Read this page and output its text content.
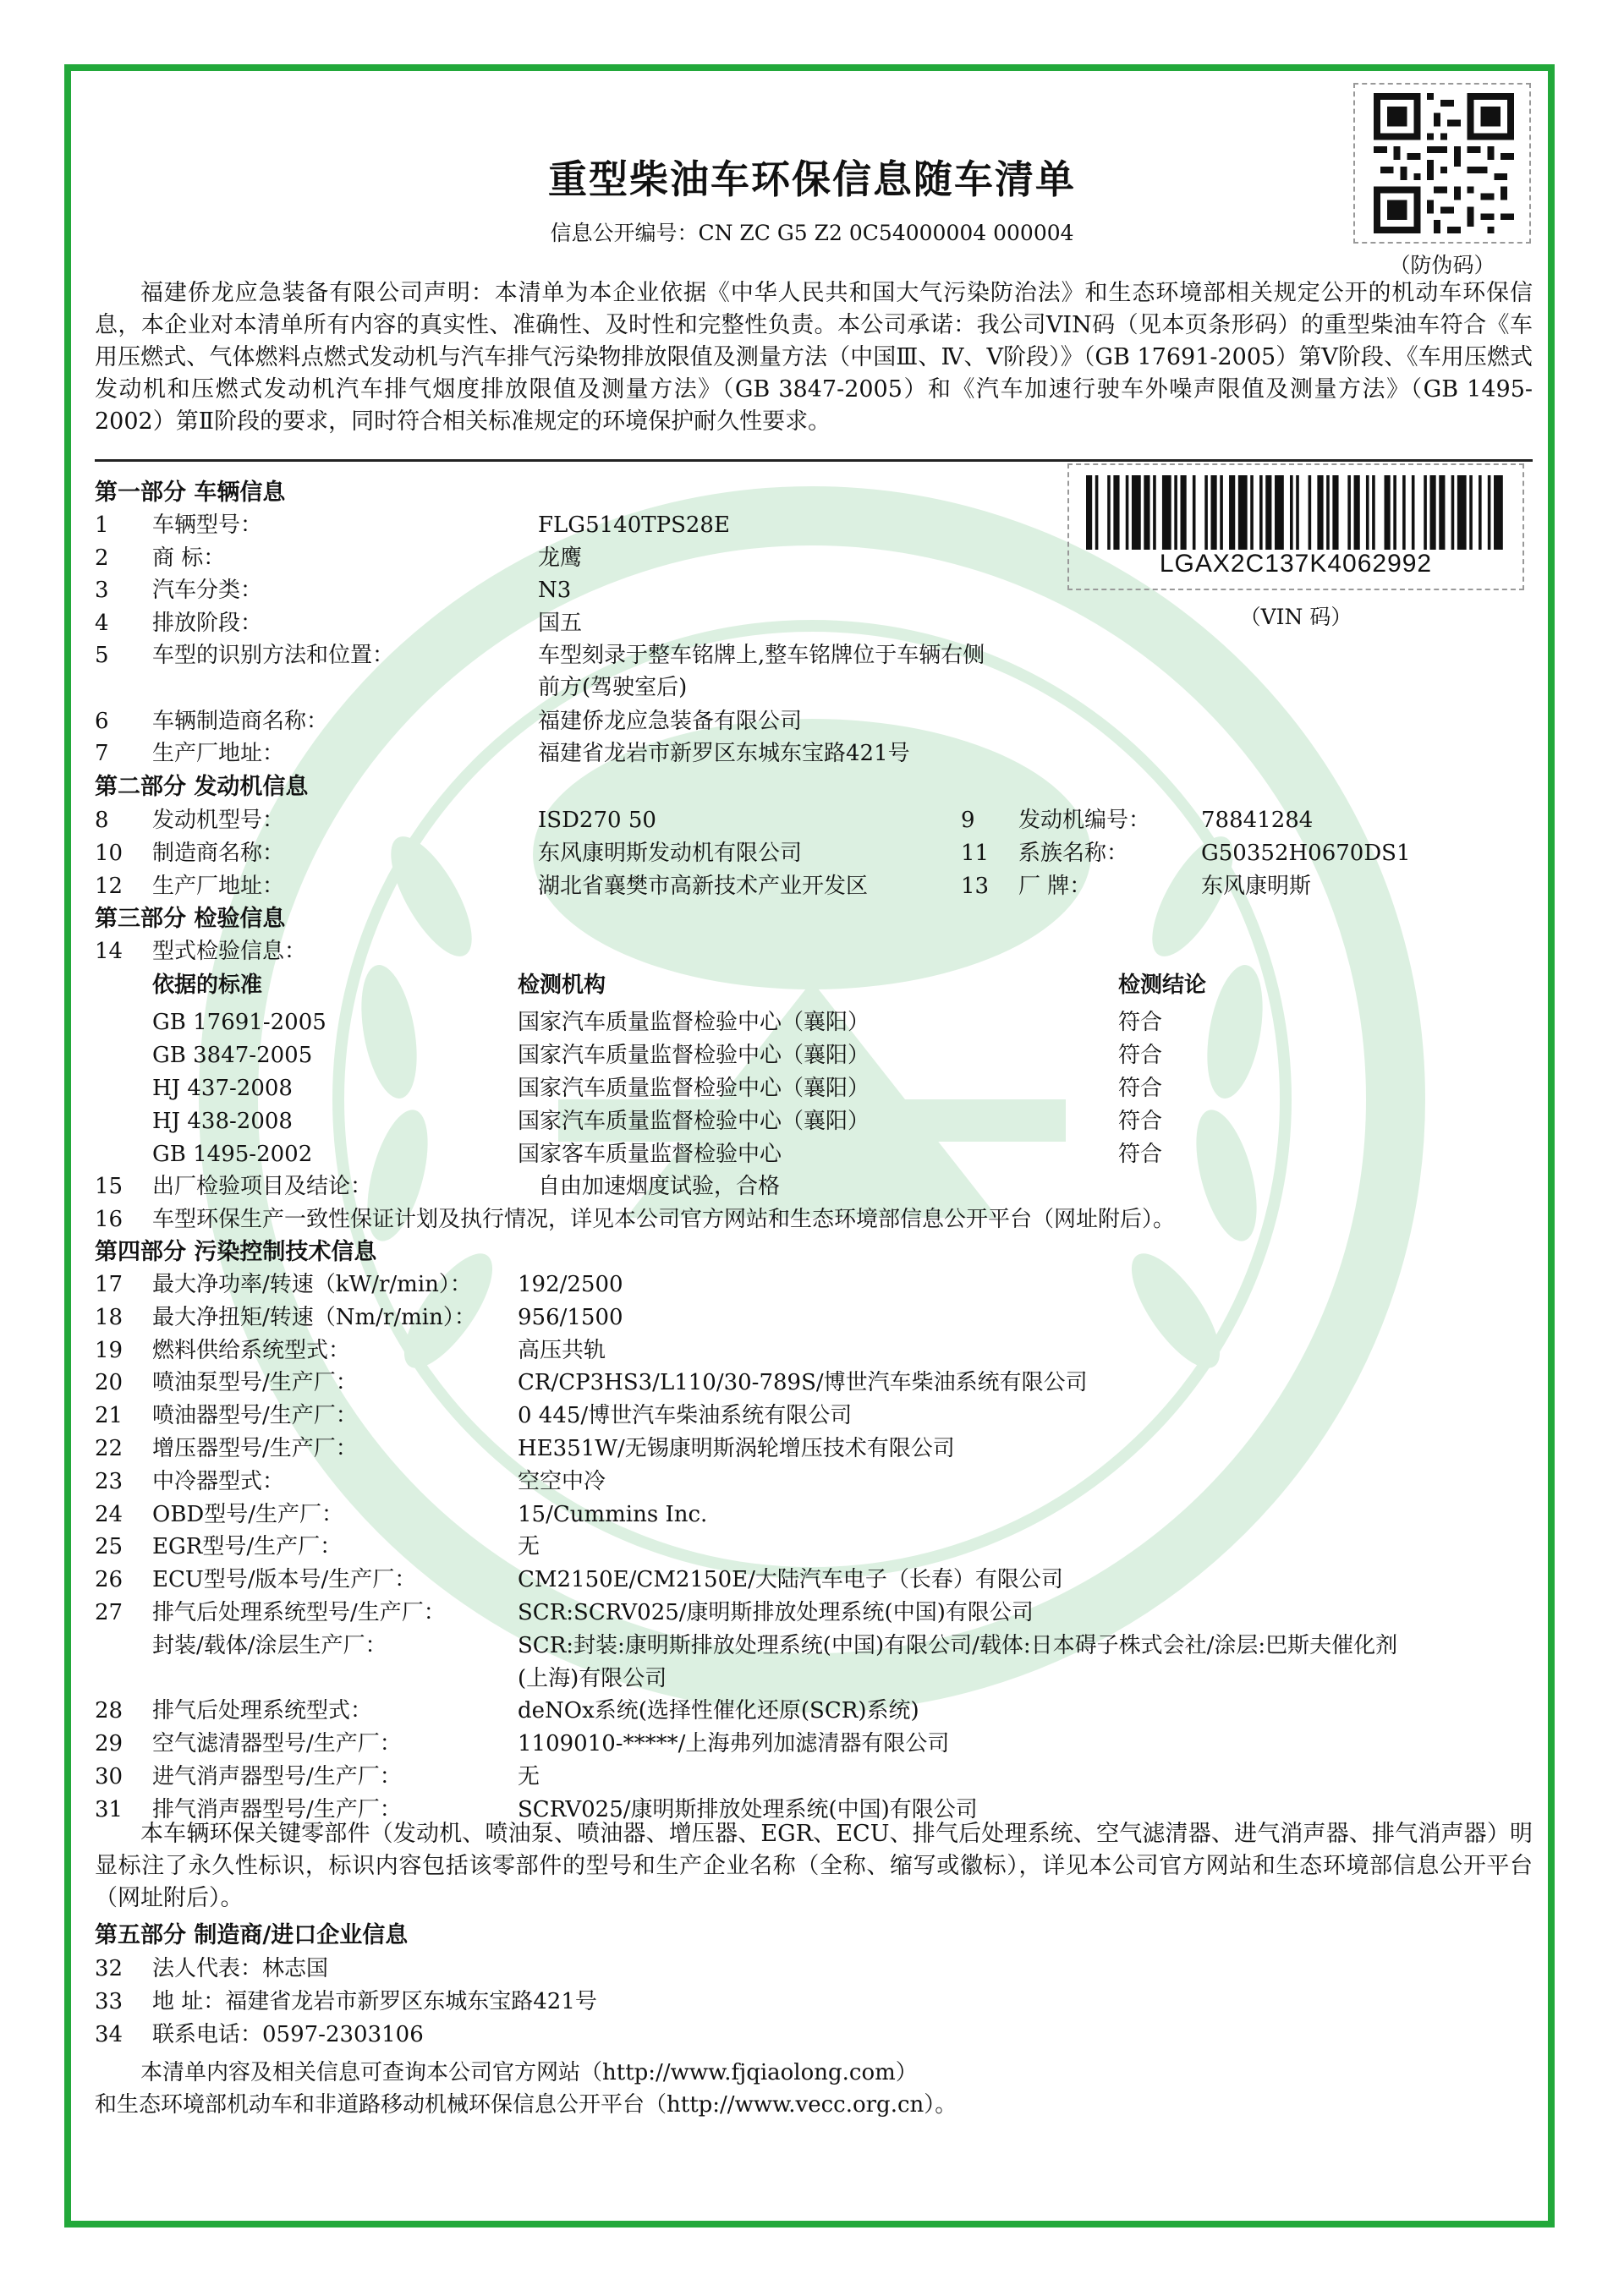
重型柴油车环保信息随车清单
信息公开编号：CN ZC G5 Z2 0C54000004 000004
（防伪码）

福建侨龙应急装备有限公司声明：本清单为本企业依据《中华人民共和国大气污染防治法》和生态环境部相关规定公开的机动车环保信息，本企业对本清单所有内容的真实性、准确性、及时性和完整性负责。本公司承诺：我公司VIN码（见本页条形码）的重型柴油车符合《车用压燃式、气体燃料点燃式发动机与汽车排气污染物排放限值及测量方法（中国Ⅲ、Ⅳ、Ⅴ阶段）》（GB 17691-2005）第Ⅴ阶段、《车用压燃式发动机和压燃式发动机汽车排气烟度排放限值及测量方法》（GB 3847-2005）和《汽车加速行驶车外噪声限值及测量方法》（GB 1495-2002）第Ⅱ阶段的要求，同时符合相关标准规定的环境保护耐久性要求。

LGAX2C137K4062992
（VIN 码）
第一部分 车辆信息
1 车辆型号：	FLG5140TPS28E
2 商 标：	龙鹰
3 汽车分类：	N3
4 排放阶段：	国五
5 车型的识别方法和位置：	车型刻录于整车铭牌上,整车铭牌位于车辆右侧
前方(驾驶室后)
6 车辆制造商名称：	福建侨龙应急装备有限公司
7 生产厂地址：	福建省龙岩市新罗区东城东宝路421号
第二部分 发动机信息
8 发动机型号：	ISD270 50	9 发动机编号： 78841284
10 制造商名称：	东风康明斯发动机有限公司	11 系族名称：	G50352H0670DS1
12 生产厂地址：	湖北省襄樊市高新技术产业开发区	13 厂 牌：	东风康明斯
第三部分 检验信息
14 型式检验信息：
依据的标准	检测机构	检测结论
GB 17691-2005	国家汽车质量监督检验中心（襄阳）	符合
GB 3847-2005	国家汽车质量监督检验中心（襄阳）	符合
HJ 437-2008	国家汽车质量监督检验中心（襄阳）	符合
HJ 438-2008	国家汽车质量监督检验中心（襄阳）	符合
GB 1495-2002	国家客车质量监督检验中心	符合
15 出厂检验项目及结论：	自由加速烟度试验，合格
16 车型环保生产一致性保证计划及执行情况，详见本公司官方网站和生态环境部信息公开平台（网址附后）。
第四部分 污染控制技术信息
17 最大净功率/转速（kW/r/min）： 192/2500
18 最大净扭矩/转速（Nm/r/min）： 956/1500
19 燃料供给系统型式：	高压共轨
20 喷油泵型号/生产厂：	CR/CP3HS3/L110/30-789S/博世汽车柴油系统有限公司
21 喷油器型号/生产厂：	0 445/博世汽车柴油系统有限公司
22 增压器型号/生产厂：	HE351W/无锡康明斯涡轮增压技术有限公司
23 中冷器型式：	空空中冷
24 OBD型号/生产厂：	15/Cummins Inc.
25 EGR型号/生产厂：	无
26 ECU型号/版本号/生产厂：	CM2150E/CM2150E/大陆汽车电子（长春）有限公司
27 排气后处理系统型号/生产厂：	SCR:SCRV025/康明斯排放处理系统(中国)有限公司
封装/载体/涂层生产厂：	SCR:封装:康明斯排放处理系统(中国)有限公司/载体:日本碍子株式会社/涂层:巴斯夫催化剂
(上海)有限公司
28 排气后处理系统型式：	deNOx系统(选择性催化还原(SCR)系统)
29 空气滤清器型号/生产厂：	1109010-*****/上海弗列加滤清器有限公司
30 进气消声器型号/生产厂：	无
31 排气消声器型号/生产厂：	SCRV025/康明斯排放处理系统(中国)有限公司

本车辆环保关键零部件（发动机、喷油泵、喷油器、增压器、EGR、ECU、排气后处理系统、空气滤清器、进气消声器、排气消声器）明显标注了永久性标识，标识内容包括该零部件的型号和生产企业名称（全称、缩写或徽标），详见本公司官方网站和生态环境部信息公开平台（网址附后）。

第五部分 制造商/进口企业信息
32 法人代表：林志国
33 地 址：福建省龙岩市新罗区东城东宝路421号
34 联系电话：0597-2303106
本清单内容及相关信息可查询本公司官方网站（http://www.fjqiaolong.com）
和生态环境部机动车和非道路移动机械环保信息公开平台（http://www.vecc.org.cn）。
